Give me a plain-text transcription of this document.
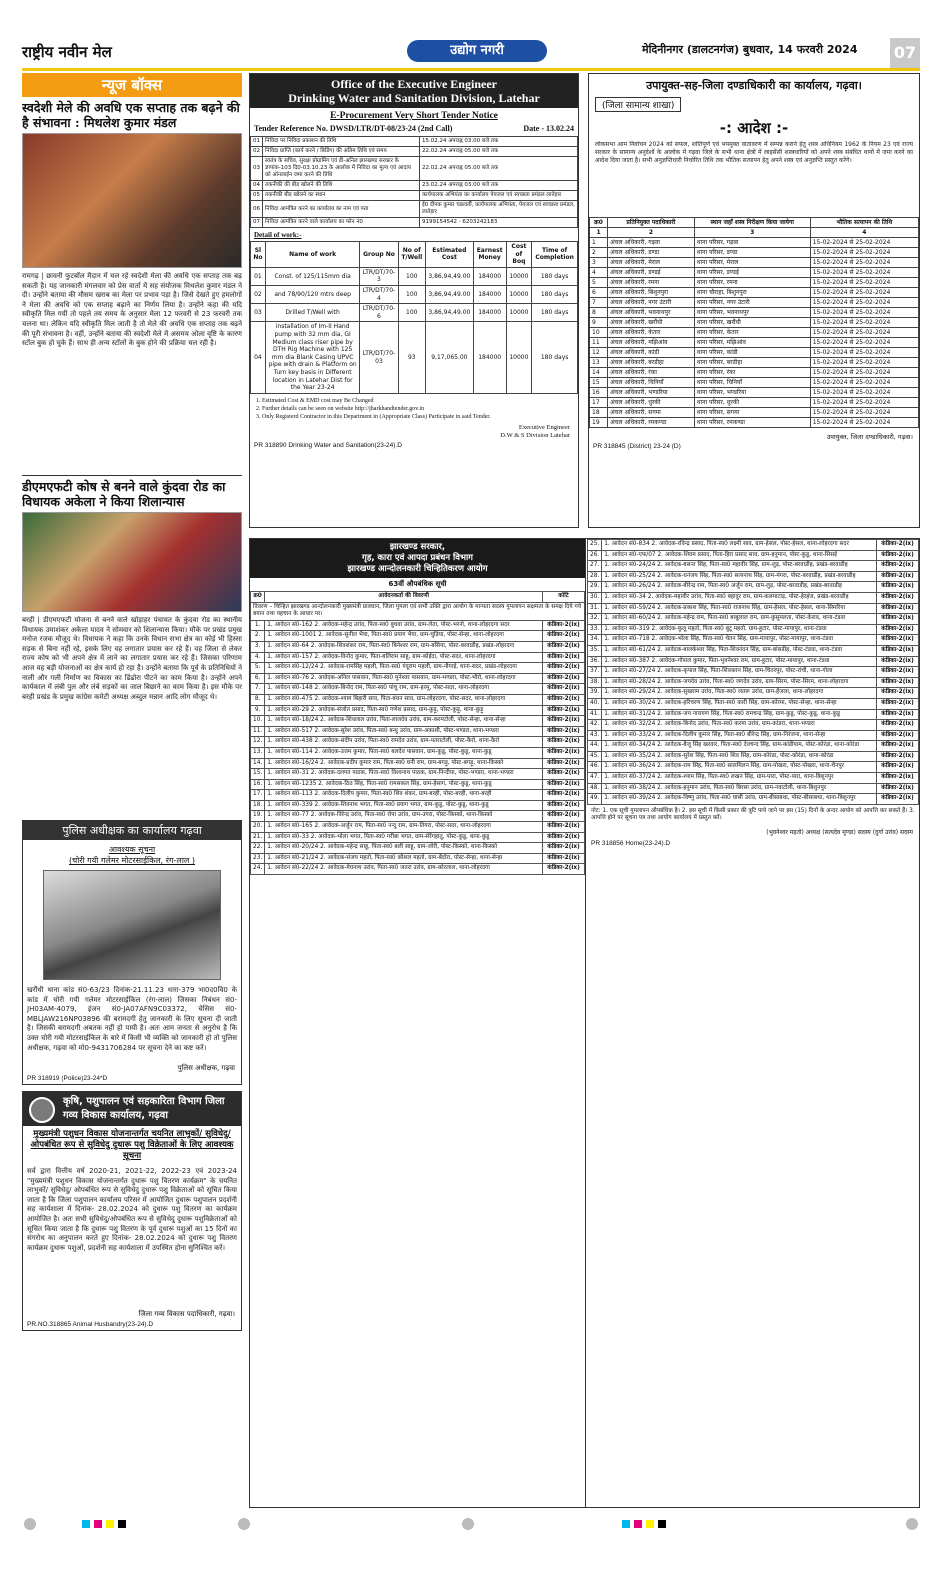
राष्ट्रीय नवीन मेल	उद्योग नगरी	मेदिनीनगर (डालटनगंज) बुधवार, 14 फरवरी 2024 07
न्यूज बॉक्स
स्वदेशी मेले की अवधि एक सप्ताह तक बढ़ने की है संभावना : मिथलेश कुमार मंडल
रामगढ़ | छावनी फुटबॉल मैदान में चल रहे स्वदेशी मेला की अवधि एक सप्ताह तक बढ़ सकती है। यह जानकारी मंगलवार को प्रेस वार्ता में सह संयोजक मिथलेश कुमार मंडल ने दी। उन्होंने बताया की मौसम खराब का मेला पर प्रभाव पड़ा है। जिसे देखते हुए हमलोगों ने मेला की अवधि को एक सप्ताह बढ़ाने का निर्णय लिया है। उन्होंने कहा की यदि स्वीकृति मिल गयी तो पहले तय समय के अनुसार मेला 12 फरवरी से 23 फरवरी तक चलना था। लेकिन यदि स्वीकृति मिल जाती है तो मेले की अवधि एक सप्ताह तक बढ़ने की पूरी संभावना है। वहीं, उन्होंने बताया की स्वदेशी मेले में असमय ओला वृष्टि के कारण स्टॉल बुक हो चुके हैं। साथ ही अन्य स्टॉलों के बुक होने की प्रक्रिया चल रही है।
डीएमएफटी कोष से बनने वाले कुंदवा रोड का विधायक अकेला ने किया शिलान्यास
बरही | डीएमएफटी योजना से बनने वाले खोड़ाहर पंचायत के कुंदवा रोड का स्थानीय विधायक उमाशंकर अकेला यादव ने सोमवार को शिलान्यास किया। मौके पर प्रखंड प्रमुख मनोज रजक मौजूद थे। विधायक ने कहा कि उनके विधान सभा क्षेत्र का कोई भी हिस्सा सड़क से बिना नहीं रहे, इसके लिए वह लगातार प्रयास कर रहे हैं। वह जिला से लेकर राज्य कोष को भी अपने क्षेत्र में लाने का लगातार प्रयास कर रहे हैं। जिसका परिणाम आज वह बड़ी योजनाओं का क्षेत्र कार्य हो रहा है। उन्होंने बताया कि पूर्व के प्रतिनिधियों ने नाली और गली निर्माण का विकास का ढिंढोरा पीटने का काम किया है। उन्होंने अपने कार्यकाल में लंबी पुल और लंबे सड़कों का जाल बिछाने का काम किया है। इस मौके पर बरही प्रखंड के प्रमुख कांग्रेस कमेटी अध्यक्ष अब्दुल मन्नान आदि लोग मौजूद थे।
पुलिस अधीक्षक का कार्यालय गढ़वा
आवश्यक सूचना
(चोरी गयी गलेमर मोटरसाईकिल, रंग-लाल )
खरौंधी थाना कांड सं0-63/23 दिनांक-21.11.23 धारा-379 भा0द0वि0 के कांड में चोरी गयी गलेमर मोटरसाईकिल (रंग-लाल) जिसका निबंधन सं0- JH03AM-4079, इंजन सं0-JA07AFN9C03372, चेसिस सं0- MBLJAW216NP03896 की बरामदगी हेतु जानकारी के लिए सूचना दी जाती है। जिसकी बरामदगी अबतक नहीं हो पायी है। अतः आम जनता से अनुरोध है कि उक्त चोरी गयी मोटरसाईकिल के बारे में किसी भी व्यक्ति को जानकारी हो तो पुलिस अधीक्षक, गढ़वा को मो0-9431706284 पर सूचना देने का कष्ट करें।
पुलिस अधीक्षक, गढ़वा
PR 318919 (Police)23-24*D
कृषि, पशुपालन एवं सहकारिता विभाग जिला गव्य विकास कार्यालय, गढ़वा
मुख्यमंत्री पशुधन विकास योजनान्तर्गत चयनित लाभुकों/ सुविधेदु/ओपबंधित रूप से सुविधेदु दुधारू पशु विक्रेताओं के लिए आवश्यक सूचना
सर्व द्वारा वित्तीय वर्ष 2020-21, 2021-22, 2022-23 एवं 2023-24 "मुख्यमंत्री पशुधन विकास योजनान्तर्गत दुधारू पशु वितरण कार्यक्रम" के चयनित लाभुकों/ सुविधेदु/ ओपबंधित रूप से सुविधेदु दुधारू पशु विक्रेताओं को सूचित किया जाता है कि जिला पशुपालन कार्यालय परिसर में आयोजित दुधारू पशुपालन प्रदर्शनी सह कार्यशाला में दिनांक- 28.02.2024 को दुधारू पशु वितरण का कार्यक्रम आयोजित है। अतः सभी सुविधेदु/ओपबंधित रूप से सुविधेदु दुधारू पशुविक्रेताओं को सूचित किया जाता है कि दुधारू पशु वितरण के पूर्व दुधारू पशुओं का 15 दिनों का संगरोध का अनुपालन करते हुए दिनांक- 28.02.2024 को दुधारू पशु वितरण कार्यक्रम दुधारू पशुओं, प्रदर्शनी सह कार्यशाला में उपस्थित होना सुनिश्चित करें।
जिला गव्य विकास पदाधिकारी, गढ़वा।
PR.NO.318865 Animal Husbandry(23-24).D
Office of the Executive Engineer
Drinking Water and Sanitation Division, Latehar
E-Procurement Very Short Tender Notice
Tender Reference No. DWSD/LTR/DT-08/23-24 (2nd Call)	Date - 13.02.24
01	निविदा पर निविदा प्रकाशन की तिथि	15.02.24 अपराह्न 03.00 बजे तक
02	निविदा प्राप्ति (कार्य करने / बिडिंग) की अंतिम तिथि एवं समय	22.02.24 अपराह्न 05.00 बजे तक
03	स्वतंत्र के सचिव, सुरक्षा प्रोग्रामिंग एवं डी-अनिल झारखण्ड सरकार के ज्ञापांक-103 दि0-03.10.23 के आलोक में निविदा का मूल्य एवं आदाय को ऑनलाईन जमा करने की तिथि	22.02.24 अपराह्न 05.00 बजे तक
04	तकनीकी की बीड खोलने की तिथि	23.02.24 अपराह्न 03.00 बजे तक
05	तकनीकी बीड खोलने का स्थान	कार्यपालक अभियंता का कार्यालय पेयजल एवं स्वच्छता प्रमंडल लातेहार
06	निविदा आमंत्रित करने का कार्यालय का नाम एवं पता	ई0 दीपक कुमार चक्रवर्ती, कार्यपालक अभियंता, पेयजल एवं स्वच्छता प्रमंडल, लातेहार
07	निविदा आमंत्रित करने वाले कार्यालय का फोन नं0	9199154542 - 6203242183
Detail of work:-
Sl No	Name of work	Group No	No of T/Well	Estimated Cost	Earnest Money	Cost of Boq	Time of Completion
01	Const. of 125/115mm dia	LTR/DT/70-3	100	3,86,94,49.00	184000	10000	180 days
02	and 78/90/120 mtrs deep	LTR/DT/70-4	100	3,86,94,49.00	184000	10000	180 days
03	Drilled T/Well with	LTR/DT/70-6	100	3,86,94,49.00	184000	10000	180 days
04	installation of Im-II Hand pump with 32 mm dia, GI Medium class riser pipe by DTH Rig Machine with 125 mm dia Blank Casing UPVC pipe with drain & Platform on Turn key basis in Different location in Latehar Dist for the Year 23-24	LTR/DT/70-03	93	9,17,065.00	184000	10000	180 days
1. Estimated Cost & EMD cost may Be Changed
2. Further details can be seen on website http://jharkhandtender.gov.in
3. Only Registerd Contractor in this Department in (Appropriate Class) Participate in said Tender.
Executive Engineer
D.W & S Division Latehar
PR 318890 Drinking Water and Sanitation(23-24).D
उपायुक्त-सह-जिला दण्डाधिकारी का कार्यालय, गढ़वा।
(जिला सामान्य शाखा)
-: आदेश :-
लोकसभा आम निर्वाचन 2024 को सफल, शांतिपूर्ण एवं भयमुक्त वातावरण में सम्पन्न कराने हेतु शस्त्र अधिनियम 1962 के नियम 23 एवं राज्य सरकार के सामान्य अनुदेशों के आलोक में गढ़वा जिले के सभी थाना क्षेत्रों में लाइसेंसी शस्त्रधारियों को अपने शस्त्र संबंधित थानों में जमा करने का आदेश दिया जाता है। सभी अनुज्ञप्तिधारी निर्धारित तिथि तक भौतिक सत्यापन हेतु अपने शस्त्र एवं अनुज्ञप्ति प्रस्तुत करेंगे।
क्र0	प्रतिनियुक्त पदाधिकारी	स्थान जहाँ शस्त्र निरीक्षण किया जायेगा	भौतिक सत्यापन की तिथि
1	2	3	4
1	अंचल अधिकारी, गढ़वा	थाना परिसर, गढ़वा	15-02-2024 से 25-02-2024
2	अंचल अधिकारी, डण्डा	थाना परिसर, डण्डा	15-02-2024 से 25-02-2024
3	अंचल अधिकारी, मेराल	थाना परिसर, मेराल	15-02-2024 से 25-02-2024
4	अंचल अधिकारी, डण्डई	थाना परिसर, डण्डई	15-02-2024 से 25-02-2024
5	अंचल अधिकारी, रमना	थाना परिसर, रमना	15-02-2024 से 25-02-2024
6	अंचल अधिकारी, बिशुनपुरा	थाना चौराहा, बिशुनपुरा	15-02-2024 से 25-02-2024
7	अंचल अधिकारी, नगर उंटारी	थाना परिसर, नगर उंटारी	15-02-2024 से 25-02-2024
8	अंचल अधिकारी, भवनाथपुर	थाना परिसर, भवनाथपुर	15-02-2024 से 25-02-2024
9	अंचल अधिकारी, खरौंधी	थाना परिसर, खरौंधी	15-02-2024 से 25-02-2024
10	अंचल अधिकारी, केतार	थाना परिसर, केतार	15-02-2024 से 25-02-2024
11	अंचल अधिकारी, मझिआंव	थाना परिसर, मझिआंव	15-02-2024 से 25-02-2024
12	अंचल अधिकारी, कांडी	थाना परिसर, कांडी	15-02-2024 से 25-02-2024
13	अंचल अधिकारी, बरडीहा	थाना परिसर, बरडीहा	15-02-2024 से 25-02-2024
14	अंचल अधिकारी, रंका	थाना परिसर, रंका	15-02-2024 से 25-02-2024
15	अंचल अधिकारी, चिनियाँ	थाना परिसर, चिनियाँ	15-02-2024 से 25-02-2024
16	अंचल अधिकारी, भण्डरिया	थाना परिसर, भण्डरिया	15-02-2024 से 25-02-2024
17	अंचल अधिकारी, धुरकी	थाना परिसर, धुरकी	15-02-2024 से 25-02-2024
18	अंचल अधिकारी, सगमा	थाना परिसर, सगमा	15-02-2024 से 25-02-2024
19	अंचल अधिकारी, रमकण्डा	थाना परिसर, रमकण्डा	15-02-2024 से 25-02-2024
उपायुक्त, जिला दण्डाधिकारी, गढ़वा।
PR 318845 (District) 23-24 (D)
झारखण्ड सरकार,
गृह, कारा एवं आपदा प्रबंधन विभाग
झारखण्ड आन्दोलनकारी चिन्हितिकरण आयोग
63वीं औपबंधिक सूची
क्र0	आवेदनकर्ता की विवरणी	कोटि
विवरण – चिन्हित झारखण्ड आन्दोलनकारी मुख्यमंत्री प्रावधान, जिला गुमला एवं सभी उक्ति द्वारा आयोग के मान्यता सदस्य गुमलापन सक्षमता के समक्ष दिये गये बयान तथा पहचान के आधार पर।		
1.	1. आवेदन सं0-162 2. आवेदक-महेन्द्र उरांव, पिता-स्व0 बुधवा उरांव, ग्राम-लेता, पोस्ट-भरनो, थाना-लोहरदगा सदर	कंडिका-2(ix)
2.	1. आवेदन सं0-1001 2. आवेदक-सुनील भैया, पिता-स्व0 प्रयाग भैया, ग्राम-चुड़िया, पोस्ट-सेन्हा, थाना-लोहरदगा	कंडिका-2(ix)
3.	1. आवेदन सं0-64 2. आवेदक-शिवशंकर राम, पिता-स्व0 बिनेश्वर राम, ग्राम-बसिया, पोस्ट-बरवाडीह, प्रखंड-लोहरदगा	कंडिका-2(ix)
4.	1. आवेदन सं0-157 2. आवेदक-विनोद कुमार, पिता-बलिराम साहू, ग्राम-कोईदा, पोस्ट-सदर, थाना-लोहरदगा	कंडिका-2(ix)
5.	1. आवेदन सं0-12/24 2. आवेदक-रामसिंह महली, पिता-स्व0 गंदूराम महली, ग्राम-नौगाई, थाना-सदर, प्रखंड-लोहरदगा	कंडिका-2(ix)
6.	1. आवेदन सं0-76 2. आवेदक-अनिल पासवान, पिता-स्व0 मुनेश्वर पासवान, ग्राम-भण्डरा, पोस्ट-भौरो, थाना-लोहरदगा	कंडिका-2(ix)
7.	1. आवेदन सं0-148 2. आवेदक-बिनोद राम, पिता-स्व0 पांचू राम, ग्राम-हरमू, पोस्ट-सदर, थाना-लोहरदगा	कंडिका-2(ix)
8.	1. आवेदन सं0-475 2. आवेदक-श्याम बिहारी साव, पिता-बंधन साव, ग्राम-लोहरदगा, पोस्ट-सदर, थाना-लोहरदगा	कंडिका-2(ix)
9.	1. आवेदन सं0-29 2. आवेदक-संजोत प्रसाद, पिता-स्व0 गणेश प्रसाद, ग्राम-कुड़ू, पोस्ट-कुड़ू, थाना-कुड़ू	कंडिका-2(ix)
10.	1. आवेदन सं0-18/24 2. आवेदक-शिवलाल उरांव, पिता-लालदेव उरांव, ग्राम-करमटोली, पोस्ट-सेन्हा, थाना-सेन्हा	कंडिका-2(ix)
11.	1. आवेदन सं0-517 2. आवेदक-सुरेश उरांव, पिता-स्व0 बन्धु उरांव, ग्राम-अकाशी, पोस्ट-भण्डरा, थाना-भण्डरा	कंडिका-2(ix)
12.	1. आवेदन सं0-438 2. आवेदक-संदीप उरांव, पिता-स्व0 रामदेव उरांव, ग्राम-पतराटोली, पोस्ट-कैरो, थाना-कैरो	कंडिका-2(ix)
13.	1. आवेदन सं0-114 2. आवेदक-उत्तम कुमार, पिता-स्व0 बलदेव पासवान, ग्राम-कुडू, पोस्ट-कुडू, थाना-कुडू	कंडिका-2(ix)
14.	1. आवेदन सं0-16/24 2. आवेदक-प्रदीप कुमार राम, पिता-स्व0 धनी राम, ग्राम-बगड़ू, पोस्ट-बगड़ू, थाना-किस्को	कंडिका-2(ix)
15.	1. आवेदन सं0-31 2. आवेदक-दलगत पाठक, पिता-स्व0 विश्वनाथ पाठक, ग्राम-निन्दीया, पोस्ट-भण्डरा, थाना-भण्डरा	कंडिका-2(ix)
16.	1. आवेदन सं0-1235 2. आवेदक-ठिठ सिंह, पिता-स्व0 रामसकल सिंह, ग्राम-हेसाग, पोस्ट-कुडू, थाना-कुडू	कंडिका-2(ix)
17.	1. आवेदन सं0-113 2. आवेदक-दिलीप कुमार, पिता-स्व0 शिव शंकर, ग्राम-बरही, पोस्ट-बरही, थाना-बरही	कंडिका-2(ix)
18.	1. आवेदन सं0-339 2. आवेदक-शिवनाथ भगत, पिता-स्व0 प्रयाग भगत, ग्राम-कुडू, पोस्ट-कुडू, थाना-कुडू	कंडिका-2(ix)
19.	1. आवेदन सं0-77 2. आवेदक-विरेन्द्र उरांव, पिता-स्व0 रोपा उरांव, ग्राम-उगरा, पोस्ट-किस्को, थाना-किस्को	कंडिका-2(ix)
20.	1. आवेदन सं0-165 2. आवेदक-अर्जुन राम, पिता-स्व0 नन्दु राम, ग्राम-तिगरा, पोस्ट-सदर, थाना-लोहरदगा	कंडिका-2(ix)
21.	1. आवेदन सं0-33 2. आवेदक-भोला भगत, पिता-स्व0 गरीबा भगत, ग्राम-सेरेंगहातु, पोस्ट-कुडू, थाना-कुडू	कंडिका-2(ix)
22.	1. आवेदन सं0-20/24 2. आवेदक-महेन्द्र साहू, पिता-स्व0 बली साहू, ग्राम-जोरी, पोस्ट-किस्को, थाना-किस्को	कंडिका-2(ix)
23.	1. आवेदन सं0-21/24 2. आवेदक-संजय महतो, पिता-स्व0 कौशल महतो, ग्राम-बेंदोरा, पोस्ट-सेन्हा, थाना-सेन्हा	कंडिका-2(ix)
24.	1. आवेदन सं0-22/24 2. आवेदक-मेघनाथ उरांव, पिता-स्व0 जतरा उरांव, ग्राम-कोरलाल, थाना-लोहरदगा	कंडिका-2(ix)
25.	1. आवेदन सं0-834 2. आवेदक-रविन्द्र प्रसाद, पिता-स्व0 लक्ष्मी साव, ग्राम-हेसल, पोस्ट-हेसल, थाना-लोहरदगा सदर	कंडिका-2(ix)
26.	1. आवेदन सं0-एफ/07 2. आवेदक-शिवम प्रसाद, पिता-हिरा प्रसाद साव, ग्राम-हनुमान, पोस्ट-कुडू, थाना-सिसई	कंडिका-2(ix)
27.	1. आवेदन सं0-24/24 2. आवेदक-बसन्त सिंह, पिता-स्व0 महावीर सिंह, ग्राम-लुड़, पोस्ट-बरवाडीह, प्रखंड-बरवाडीह	कंडिका-2(ix)
28.	1. आवेदन सं0-25/24 2. आवेदक-धनंजय सिंह, पिता-स्व0 सत्यनाथ सिंह, ग्राम-मंगरा, पोस्ट-बरवाडीह, प्रखंड-बरवाडीह	कंडिका-2(ix)
29.	1. आवेदन सं0-26/24 2. आवेदक-बीरेन्द्र राम, पिता-स्व0 अर्जुन राम, ग्राम-लुड़, पोस्ट-बरवाडीह, प्रखंड-बरवाडीह	कंडिका-2(ix)
30.	1. आवेदन सं0-34 2. आवेदक-महावीर उरांव, पिता-स्व0 बहादुर राम, ग्राम-कलमाटाड़, पोस्ट-हेरहंज, प्रखंड-बरवाडीह	कंडिका-2(ix)
31.	1. आवेदन सं0-59/24 2. आवेदक-प्रकाश सिंह, पिता-स्व0 राजनाथ सिंह, ग्राम-हेसल, पोस्ट-हेसल, थाना-सिमरिया	कंडिका-2(ix)
32.	1. आवेदन सं0-60/24 2. आवेदक-महेन्द्र राम, पिता-स्व0 बाबूलाल राम, ग्राम-कुसुमलता, पोस्ट-केराव, थाना-टंडवा	कंडिका-2(ix)
33.	1. आवेदन सं0-319 2. आवेदक-फुलू महतो, पिता-स्व0 बुटू महतो, ग्राम-हुटार, पोस्ट-मायापुर, थाना-टंडवा	कंडिका-2(ix)
34.	1. आवेदन सं0-718 2. आवेदक-भोला सिंह, पिता-स्व0 चेतन सिंह, ग्राम-मायापुर, पोस्ट-मायापुर, थाना-टंडवा	कंडिका-2(ix)
35.	1. आवेदन सं0-61/24 2. आवेदक-बालकेश्वर सिंह, पिता-शिवनंदन सिंह, ग्राम-बांसडीह, पोस्ट-टंडवा, थाना-टंडवा	कंडिका-2(ix)
36.	1. आवेदन सं0-387 2. आवेदक-गोपाल कुमार, पिता-भुवनेश्वर राम, ग्राम-हुटार, पोस्ट-मायापुर, थाना-टंडवा	कंडिका-2(ix)
37.	1. आवेदन सं0-27/24 2. आवेदक-कृपाल सिंह, पिता-शिवकरन सिंह, ग्राम-चितरपुर, पोस्ट-रांची, थाना-गोला	कंडिका-2(ix)
38.	1. आवेदन सं0-28/24 2. आवेदक-जयदेव उरांव, पिता-स्व0 जगदेव उरांव, ग्राम-सिरम, पोस्ट-सिरम, थाना-लोहरदगा	कंडिका-2(ix)
39.	1. आवेदन सं0-29/24 2. आवेदक-सुखराम उरांव, पिता-स्व0 जतरू उरांव, ग्राम-हेंजला, थाना-लोहरदगा	कंडिका-2(ix)
40.	1. आवेदन सं0-30/24 2. आवेदक-हरिचरण सिंह, पिता-स्व0 कारी सिंह, ग्राम-कोरमा, पोस्ट-सेन्हा, थाना-सेन्हा	कंडिका-2(ix)
41.	1. आवेदन सं0-31/24 2. आवेदक-जय नारायण सिंह, पिता-स्व0 रामचन्द्र सिंह, ग्राम-कुडू, पोस्ट-कुडू, थाना-कुडू	कंडिका-2(ix)
42.	1. आवेदन सं0-32/24 2. आवेदक-बिनोद उरांव, पिता-स्व0 करमा उरांव, ग्राम-कांडरा, थाना-भण्डरा	कंडिका-2(ix)
43.	1. आवेदन सं0-33/24 2. आवेदक-दिलीप कुमार सिंह, पिता-स्व0 बीरेन्द्र सिंह, ग्राम-निरंजना, थाना-सेन्हा	कंडिका-2(ix)
44.	1. आवेदन सं0-34/24 2. आवेदक-बैजू सिंह खरवार, पिता-स्व0 देवचन्द सिंह, ग्राम-कांडीयाम, पोस्ट-कोरंडा, थाना-कोरंडा	कंडिका-2(ix)
45.	1. आवेदन सं0-35/24 2. आवेदक-सुरेश सिंह, पिता-स्व0 शिव सिंह, ग्राम-कोरंडा, पोस्ट-कोरंडा, थाना-कोरंडा	कंडिका-2(ix)
46.	1. आवेदन सं0-36/24 2. आवेदक-राम सिंह, पिता-स्व0 सालमिलन सिंह, ग्राम-पोखरा, पोस्ट-पोखरा, थाना-चैनपुर	कंडिका-2(ix)
47.	1. आवेदन सं0-37/24 2. आवेदक-श्याम सिंह, पिता-स्व0 लखन सिंह, ग्राम-पारा, पोस्ट-पारा, थाना-बिशुनपुर	कंडिका-2(ix)
48.	1. आवेदन सं0-38/24 2. आवेदक-हनुमान उरांव, पिता-स्व0 बिरसा उरांव, ग्राम-नवाटोली, थाना-बिशुनपुर	कंडिका-2(ix)
49.	1. आवेदन सं0-39/24 2. आवेदक-विष्णु उरांव, पिता-स्व0 घासी उरांव, ग्राम-बीसाबथा, पोस्ट-बीसाबथा, थाना-बिशुनपुर	कंडिका-2(ix)
नोट: 1. एक सूची गुमलापन औपबंधिक है। 2. इस सूची में किसी प्रकार की त्रुटि पाये जाने पर इस (15) दिनों के अन्दर आयोग को आपत्ति कर सकते हैं। 3. आपत्ति होने पर सूचना पत्र तथा आयोग कार्यालय में प्रस्तुत करें।
(भुवनेश्वर महतो) अध्यक्ष (सत्यदेव मुण्डा) सदस्य (दुर्गा उरांव) सदस्य
PR 318856 Home(23-24).D
